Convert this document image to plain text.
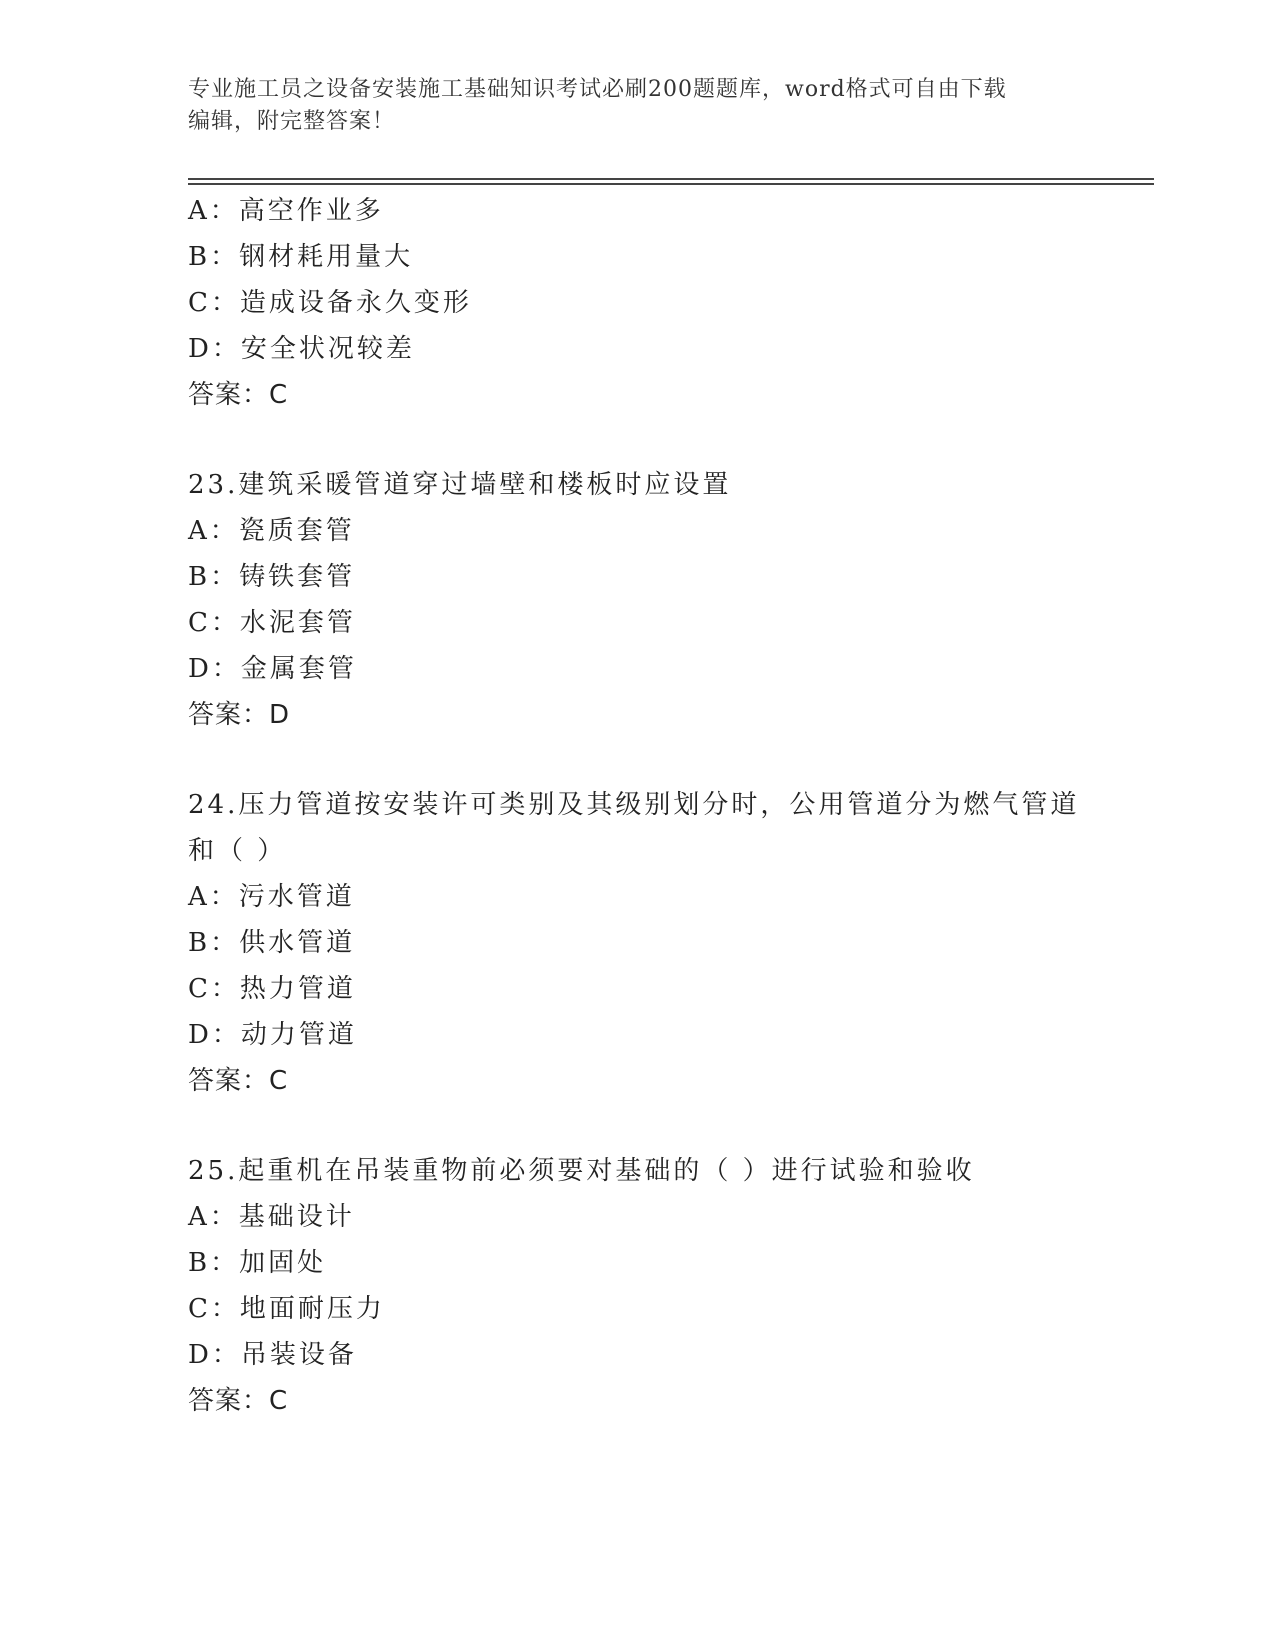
专业施工员之设备安装施工基础知识考试必刷200题题库，word格式可自由下载
编辑，附完整答案！
A：高空作业多
B：钢材耗用量大
C：造成设备永久变形
D：安全状况较差
答案：C
23.建筑采暖管道穿过墙壁和楼板时应设置
A：瓷质套管
B：铸铁套管
C：水泥套管
D：金属套管
答案：D
24.压力管道按安装许可类别及其级别划分时，公用管道分为燃气管道
和（ ）
A：污水管道
B：供水管道
C：热力管道
D：动力管道
答案：C
25.起重机在吊装重物前必须要对基础的（ ）进行试验和验收
A：基础设计
B：加固处
C：地面耐压力
D：吊装设备
答案：C
